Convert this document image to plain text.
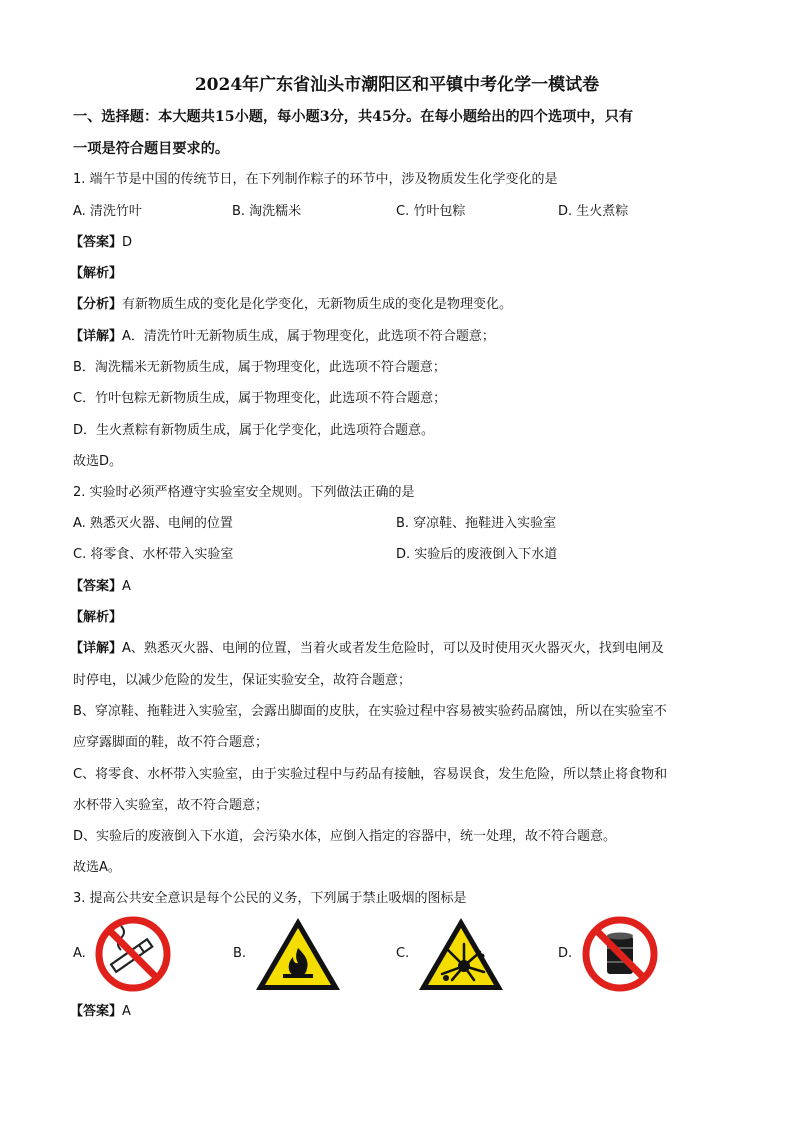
2024年广东省汕头市潮阳区和平镇中考化学一模试卷
一、选择题：本大题共15小题，每小题3分，共45分。在每小题给出的四个选项中，只有
一项是符合题目要求的。
1. 端午节是中国的传统节日，在下列制作粽子的环节中，涉及物质发生化学变化的是
A. 清洗竹叶	B. 淘洗糯米	C. 竹叶包粽	D. 生火煮粽
【答案】D
【解析】
【分析】有新物质生成的变化是化学变化，无新物质生成的变化是物理变化。
【详解】A．清洗竹叶无新物质生成，属于物理变化，此选项不符合题意；
B．淘洗糯米无新物质生成，属于物理变化，此选项不符合题意；
C．竹叶包粽无新物质生成，属于物理变化，此选项不符合题意；
D．生火煮粽有新物质生成，属于化学变化，此选项符合题意。
故选D。
2. 实验时必须严格遵守实验室安全规则。下列做法正确的是
A. 熟悉灭火器、电闸的位置	B. 穿凉鞋、拖鞋进入实验室
C. 将零食、水杯带入实验室	D. 实验后的废液倒入下水道
【答案】A
【解析】
【详解】A、熟悉灭火器、电闸的位置，当着火或者发生危险时，可以及时使用灭火器灭火，找到电闸及
时停电，以减少危险的发生，保证实验安全，故符合题意；
B、穿凉鞋、拖鞋进入实验室，会露出脚面的皮肤，在实验过程中容易被实验药品腐蚀，所以在实验室不
应穿露脚面的鞋，故不符合题意；
C、将零食、水杯带入实验室，由于实验过程中与药品有接触，容易误食，发生危险，所以禁止将食物和
水杯带入实验室，故不符合题意；
D、实验后的废液倒入下水道，会污染水体，应倒入指定的容器中，统一处理，故不符合题意。
故选A。
3. 提高公共安全意识是每个公民的义务，下列属于禁止吸烟的图标是
A.	B.	C.	D.
【答案】A
